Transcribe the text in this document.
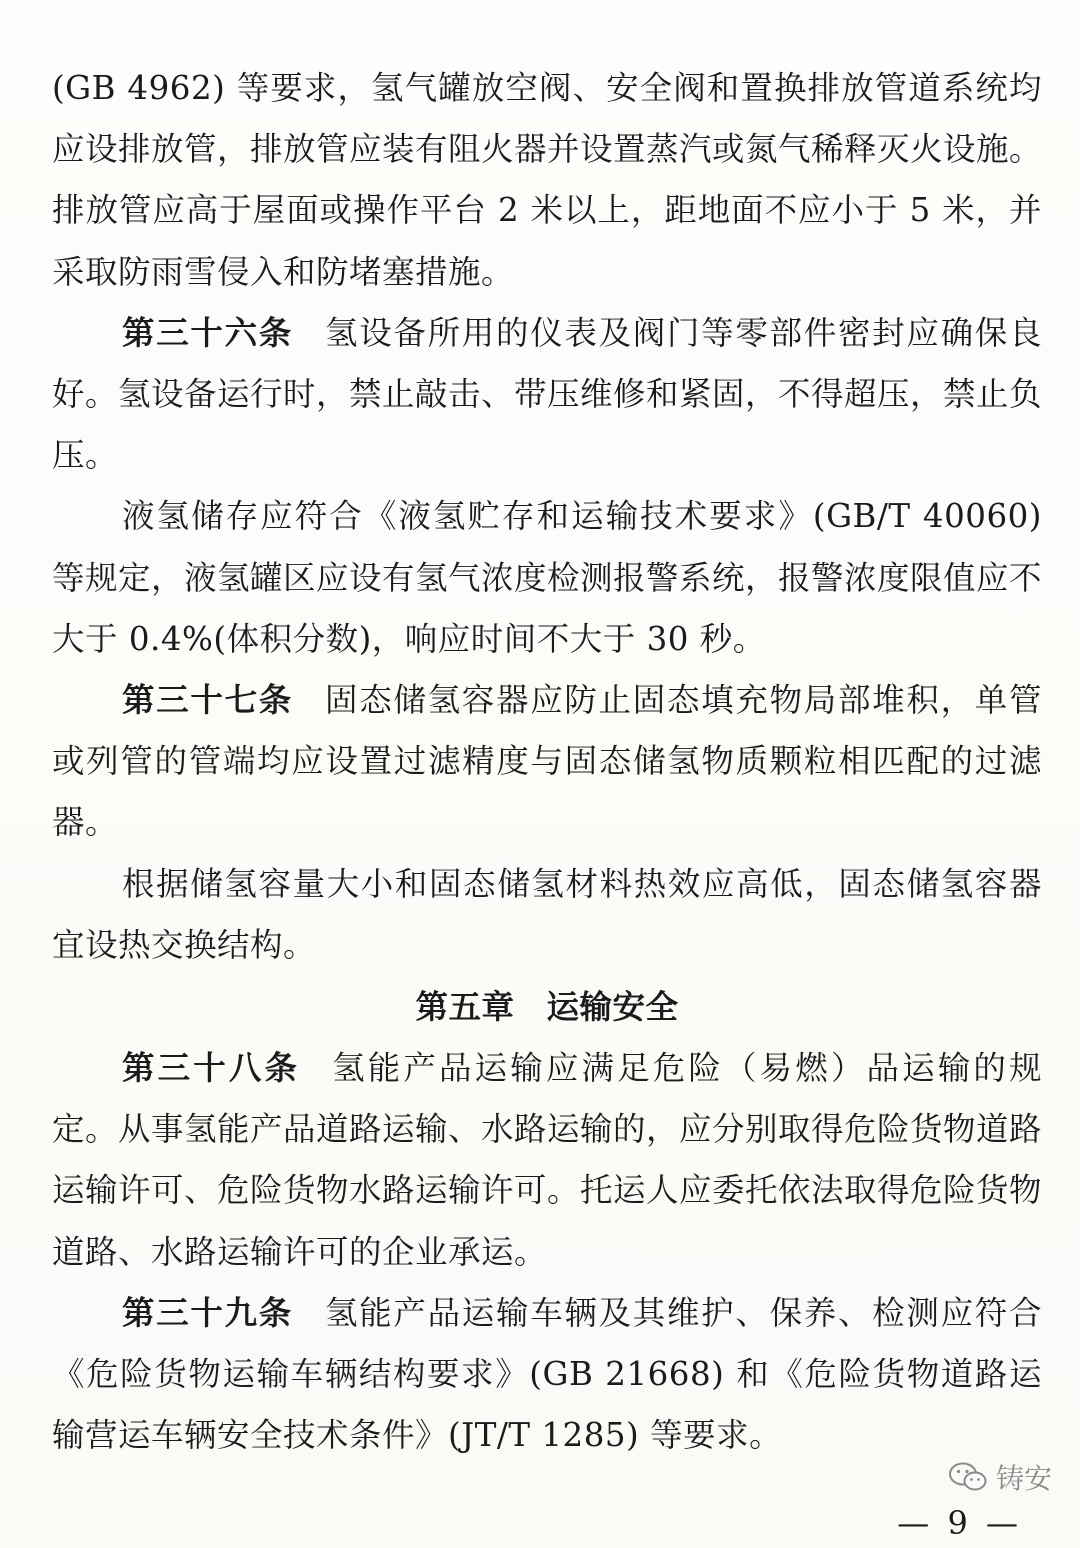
(GB 4962) 等要求，氢气罐放空阀、安全阀和置换排放管道系统均应设排放管，排放管应装有阻火器并设置蒸汽或氮气稀释灭火设施。排放管应高于屋面或操作平台 2 米以上，距地面不应小于 5 米，并采取防雨雪侵入和防堵塞措施。

第三十六条 氢设备所用的仪表及阀门等零部件密封应确保良好。氢设备运行时，禁止敲击、带压维修和紧固，不得超压，禁止负压。

液氢储存应符合《液氢贮存和运输技术要求》(GB/T 40060)等规定，液氢罐区应设有氢气浓度检测报警系统，报警浓度限值应不大于 0.4%(体积分数)，响应时间不大于 30 秒。

第三十七条 固态储氢容器应防止固态填充物局部堆积，单管或列管的管端均应设置过滤精度与固态储氢物质颗粒相匹配的过滤器。

根据储氢容量大小和固态储氢材料热效应高低，固态储氢容器宜设热交换结构。

第五章 运输安全

第三十八条 氢能产品运输应满足危险（易燃）品运输的规定。从事氢能产品道路运输、水路运输的，应分别取得危险货物道路运输许可、危险货物水路运输许可。托运人应委托依法取得危险货物道路、水路运输许可的企业承运。

第三十九条 氢能产品运输车辆及其维护、保养、检测应符合《危险货物运输车辆结构要求》(GB 21668) 和《危险货物道路运输营运车辆安全技术条件》(JT/T 1285) 等要求。

铸安
— 9 —
